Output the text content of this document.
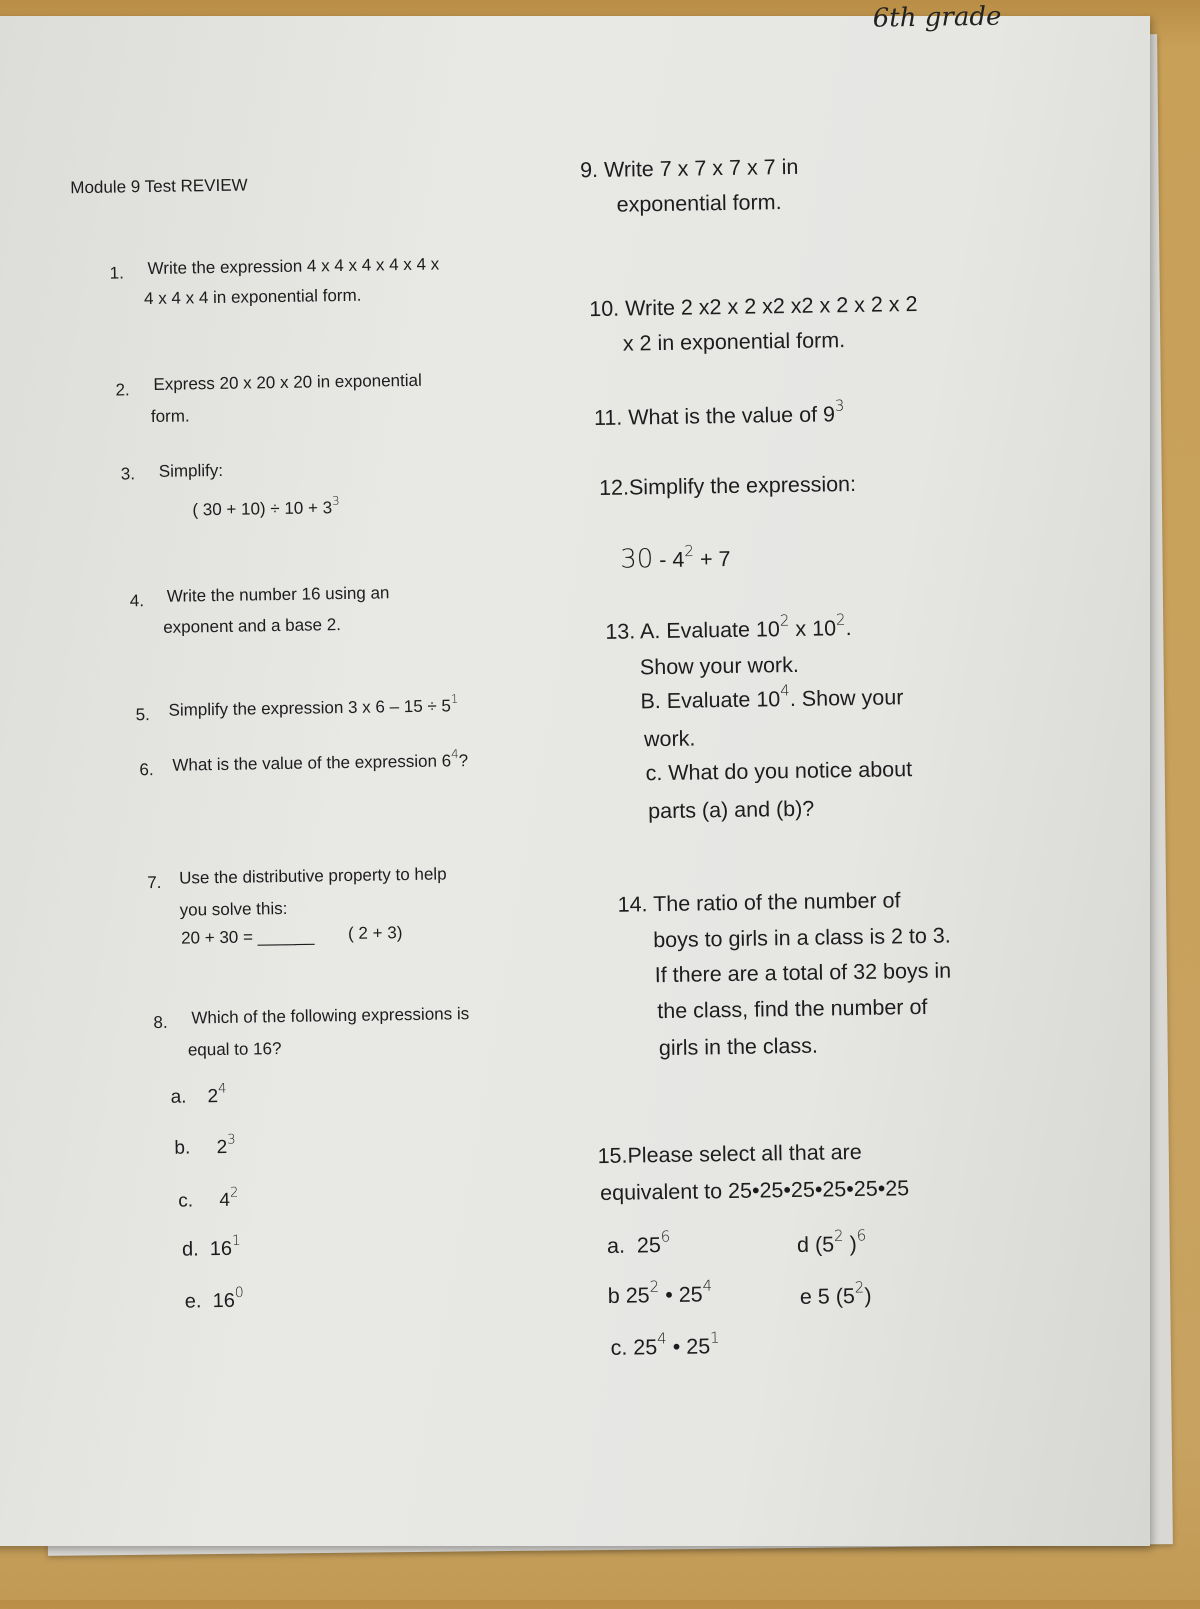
6th grade
Module 9 Test REVIEW
1. Write the expression 4 x 4 x 4 x 4 x 4 x
4 x 4 x 4 in exponential form.
2. Express 20 x 20 x 20 in exponential
form.
3. Simplify:
( $30 + 10) \div 10 + 3^3$
4. Write the number 16 using an
exponent and a base 2.
5. Simplify the expression 3 x $6 - 15 \div 5^1$
6. What is the value of the expression $6^4$?
7. Use the distributive property to help
you solve this:
20 + 30 = ______ ( 2 + 3)
8. Which of the following expressions is
equal to 16?
a. $2^4$
b. $2^3$
c. $4^2$
d. $16^1$
e. $16^0$
9. Write 7 x 7 x 7 x 7 in
exponential form.
10. Write 2 x2 x 2 x2 x2 x 2 x 2 x 2
x 2 in exponential form.
11. What is the value of $9^3$
12.Simplify the expression:
$30 - 4^2 + 7$
13. A. Evaluate $10^2$ x $10^2$.
Show your work.
B. Evaluate $10^4$. Show your
work.
c. What do you notice about
parts (a) and (b)?
14. The ratio of the number of
boys to girls in a class is 2 to 3.
If there are a total of 32 boys in
the class, find the number of
girls in the class.
15.Please select all that are
equivalent to 25•25•25•25•25•25
a. $25^6$
b $25^2$ • $25^4$
c. $25^4$ • $25^1$
d ($5^2$ )$^6$
e 5 $(5^2)$
